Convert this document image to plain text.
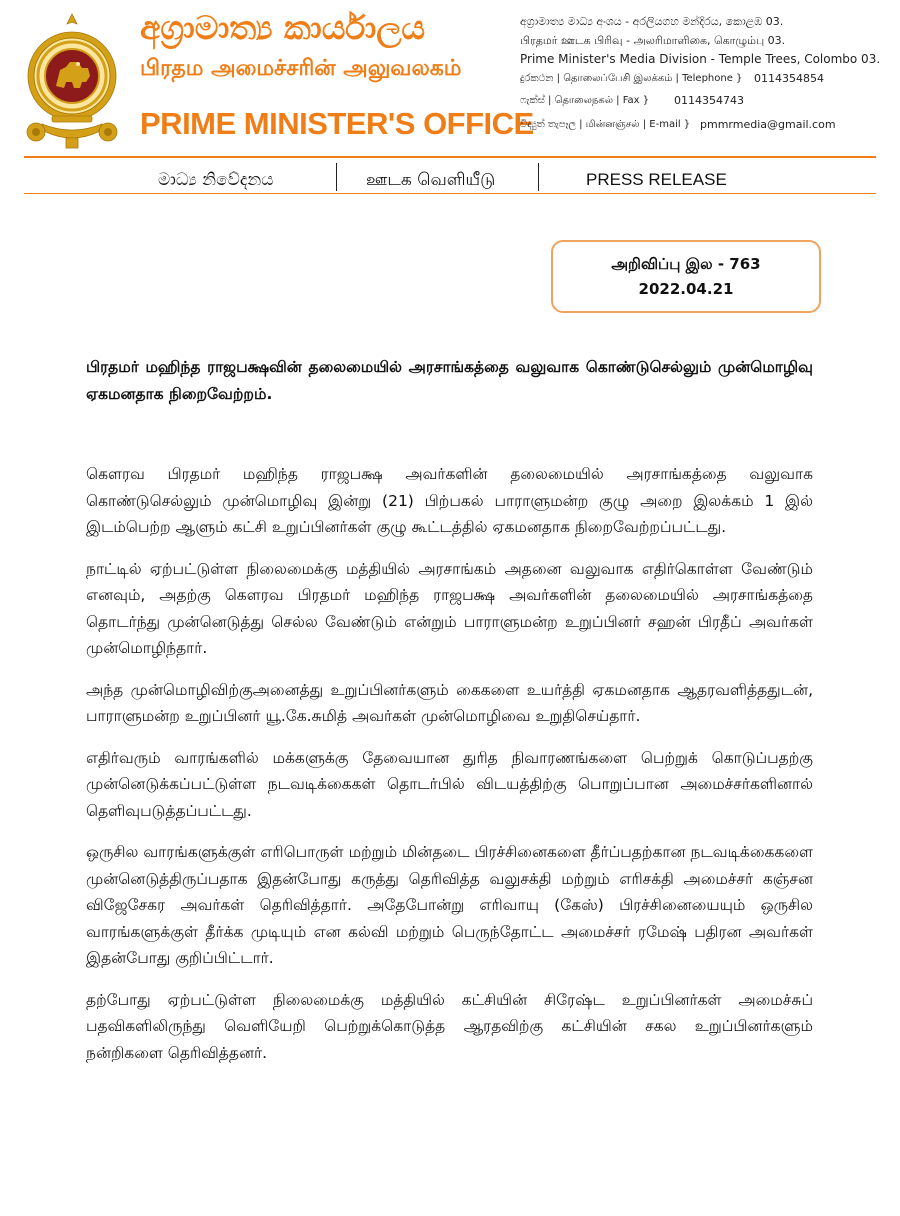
අග්‍රාමාත්‍ය කාර්යාලය
பிரதம அமைச்சரின் அலுவலகம்
PRIME MINISTER'S OFFICE
අග්‍රාමාත්‍ය මාධ්‍ය අංශය - අරලියගහ මන්දිරය, කොළඹ 03.
பிரதமர் ஊடக பிரிவு - அலரிமாளிகை, கொழும்பு 03.
Prime Minister's Media Division - Temple Trees, Colombo 03.
දුරකථන | தொலைப்பேசி இலக்கம் | Telephone } 0114354854
ෆැක්ස් | தொலைநகல் | Fax } 0114354743
විද්‍යුත් තැපෑල | மின்னஞ்சல் | E-mail } pmmrmedia@gmail.com
මාධ්‍ය නිවේදනය	ஊடக வெளியீடு	PRESS RELEASE
அறிவிப்பு இல - 763
2022.04.21
பிரதமர் மஹிந்த ராஜபக்ஷவின் தலைமையில் அரசாங்கத்தை வலுவாக கொண்டுசெல்லும் முன்மொழிவு ஏகமனதாக நிறைவேற்றம்.

கௌரவ பிரதமர் மஹிந்த ராஜபக்ஷ அவர்களின் தலைமையில் அரசாங்கத்தை வலுவாக கொண்டுசெல்லும் முன்மொழிவு இன்று (21) பிற்பகல் பாராளுமன்ற குழு அறை இலக்கம் 1 இல் இடம்பெற்ற ஆளும் கட்சி உறுப்பினர்கள் குழு கூட்டத்தில் ஏகமனதாக நிறைவேற்றப்பட்டது.

நாட்டில் ஏற்பட்டுள்ள நிலைமைக்கு மத்தியில் அரசாங்கம் அதனை வலுவாக எதிர்கொள்ள வேண்டும் எனவும், அதற்கு கௌரவ பிரதமர் மஹிந்த ராஜபக்ஷ அவர்களின் தலைமையில் அரசாங்கத்தை தொடர்ந்து முன்னெடுத்து செல்ல வேண்டும் என்றும் பாராளுமன்ற உறுப்பினர் சஹன் பிரதீப் அவர்கள் முன்மொழிந்தார்.

அந்த முன்மொழிவிற்குஅனைத்து உறுப்பினர்களும் கைகளை உயர்த்தி ஏகமனதாக ஆதரவளித்ததுடன், பாராளுமன்ற உறுப்பினர் யூ.கே.சுமித் அவர்கள் முன்மொழிவை உறுதிசெய்தார்.

எதிர்வரும் வாரங்களில் மக்களுக்கு தேவையான துரித நிவாரணங்களை பெற்றுக் கொடுப்பதற்கு முன்னெடுக்கப்பட்டுள்ள நடவடிக்கைகள் தொடர்பில் விடயத்திற்கு பொறுப்பான அமைச்சர்களினால் தெளிவுபடுத்தப்பட்டது.

ஒருசில வாரங்களுக்குள் எரிபொருள் மற்றும் மின்தடை பிரச்சினைகளை தீர்ப்பதற்கான நடவடிக்கைகளை முன்னெடுத்திருப்பதாக இதன்போது கருத்து தெரிவித்த வலுசக்தி மற்றும் எரிசக்தி அமைச்சர் கஞ்சன விஜேசேகர அவர்கள் தெரிவித்தார். அதேபோன்று எரிவாயு (கேஸ்) பிரச்சினையையும் ஒருசில வாரங்களுக்குள் தீர்க்க முடியும் என கல்வி மற்றும் பெருந்தோட்ட அமைச்சர் ரமேஷ் பதிரன அவர்கள் இதன்போது குறிப்பிட்டார்.

தற்போது ஏற்பட்டுள்ள நிலைமைக்கு மத்தியில் கட்சியின் சிரேஷ்ட உறுப்பினர்கள் அமைச்சுப் பதவிகளிலிருந்து வெளியேறி பெற்றுக்கொடுத்த ஆரதவிற்கு கட்சியின் சகல உறுப்பினர்களும் நன்றிகளை தெரிவித்தனர்.
